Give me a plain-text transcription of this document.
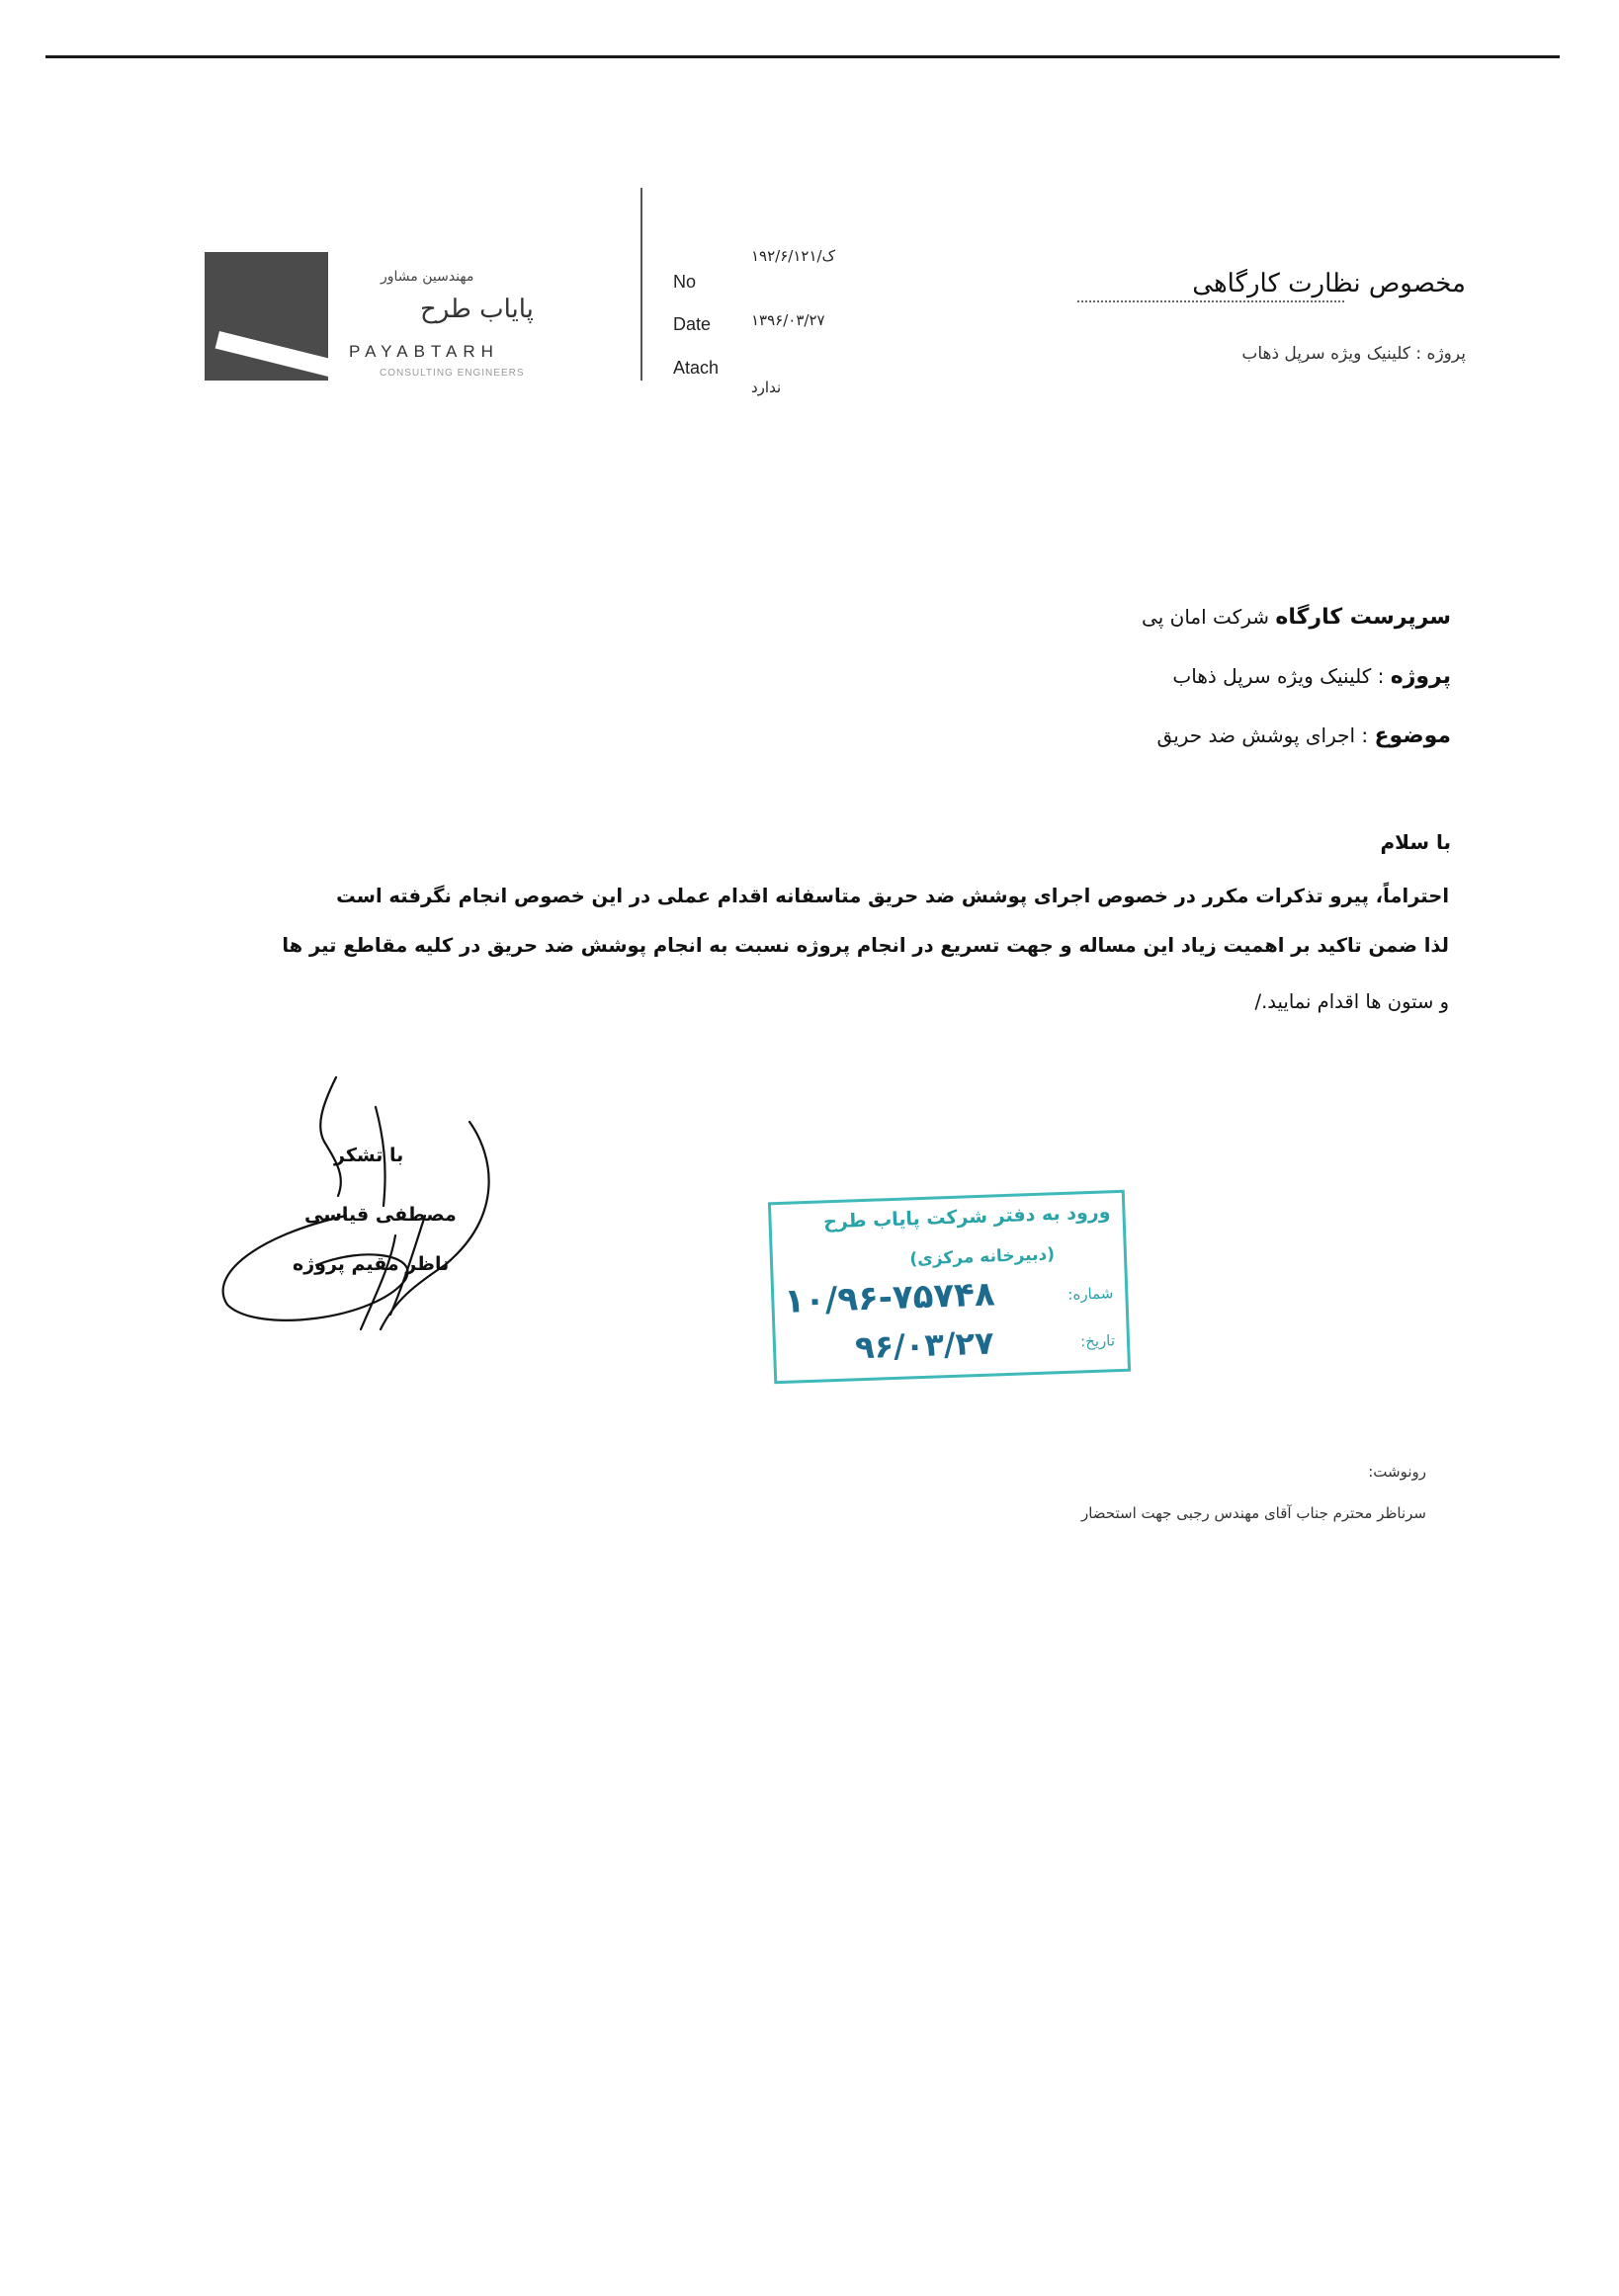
مهندسین مشاور
پایاب طرح
PAYABTARH
CONSULTING ENGINEERS
No
Date
Atach
۱۹۲/۶/ک/۱۲۱
۱۳۹۶/۰۳/۲۷
ندارد
مخصوص نظارت کارگاهی
پروژه : کلینیک ویژه سرپل ذهاب
سرپرست کارگاه شرکت امان پی
پروژه : کلینیک ویژه سرپل ذهاب
موضوع : اجرای پوشش ضد حریق
با سلام
احتراماً، پیرو تذکرات مکرر در خصوص اجرای پوشش ضد حریق متاسفانه اقدام عملی در این خصوص انجام نگرفته است
لذا ضمن تاکید بر اهمیت زیاد این مساله و جهت تسریع در انجام پروژه نسبت به انجام پوشش ضد حریق در کلیه مقاطع تیر ها
و ستون ها اقدام نمایید./
با تشکر
مصطفی قیاسی
ناظر مقیم پروژه
ورود به دفتر شرکت پایاب طرح
(دبیرخانه مرکزی)
شماره:
تاریخ:
۱۰/۹۶-۷۵۷۴۸
۹۶/۰۳/۲۷
رونوشت:
سرناظر محترم جناب آقای مهندس رجبی جهت استحضار
